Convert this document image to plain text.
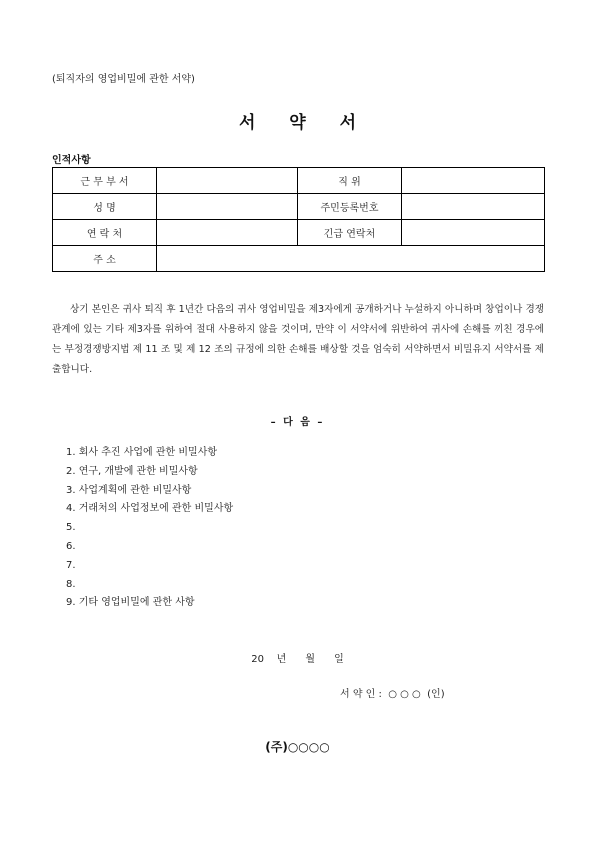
(퇴직자의 영업비밀에 관한 서약)
서 약 서
인적사항
근 무 부 서		직 위	
성 명		주민등록번호	
연 락 처		긴급 연락처	
주 소			
상기 본인은 귀사 퇴직 후 1년간 다음의 귀사 영업비밀을 제3자에게 공개하거나 누설하지 아니하며 창업이나 경쟁관계에 있는 기타 제3자를 위하여 절대 사용하지 않을 것이며, 만약 이 서약서에 위반하여 귀사에 손해를 끼친 경우에는 부정경쟁방지법 제 11 조 및 제 12 조의 규정에 의한 손해를 배상할 것을 엄숙히 서약하면서 비밀유지 서약서를 제출합니다.
– 다 음 –
1. 회사 추진 사업에 관한 비밀사항
2. 연구, 개발에 관한 비밀사항
3. 사업계획에 관한 비밀사항
4. 거래처의 사업정보에 관한 비밀사항
5.
6.
7.
8.
9. 기타 영업비밀에 관한 사항
20    년      월      일
서 약 인 :  ○ ○ ○  (인)
(주)○○○○
